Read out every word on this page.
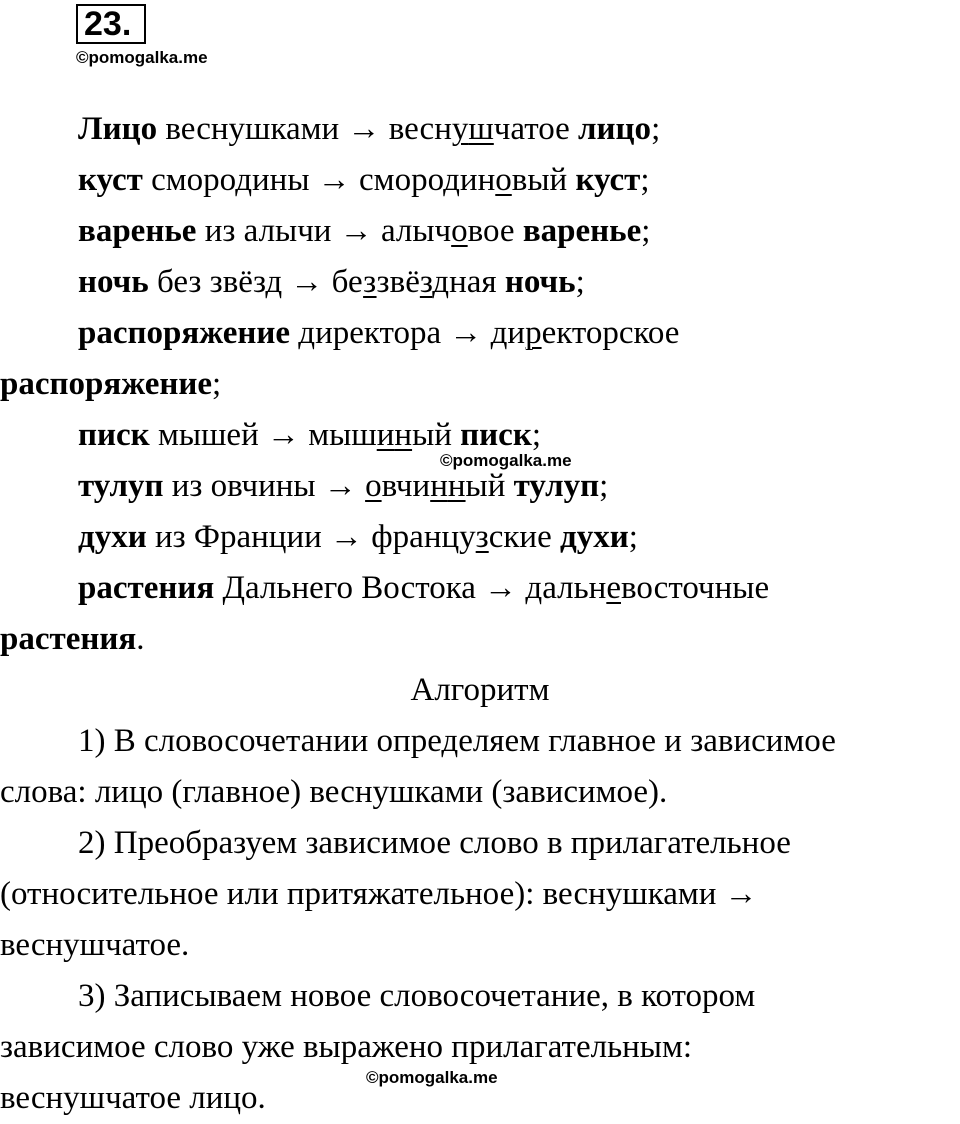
23.
©pomogalka.me
©pomogalka.me
©pomogalka.me
Лицо веснушками → веснушчатое лицо;
куст смородины → смородиновый куст;
варенье из алычи → алычовое варенье;
ночь без звёзд → беззвёздная ночь;
распоряжение директора → директорское
распоряжение;
писк мышей → мышиный писк;
тулуп из овчины → овчинный тулуп;
духи из Франции → французские духи;
растения Дальнего Востока → дальневосточные
растения.
Алгоритм
1) В словосочетании определяем главное и зависимое
слова: лицо (главное) веснушками (зависимое).
2) Преобразуем зависимое слово в прилагательное
(относительное или притяжательное): веснушками →
веснушчатое.
3) Записываем новое словосочетание, в котором
зависимое слово уже выражено прилагательным:
веснушчатое лицо.
